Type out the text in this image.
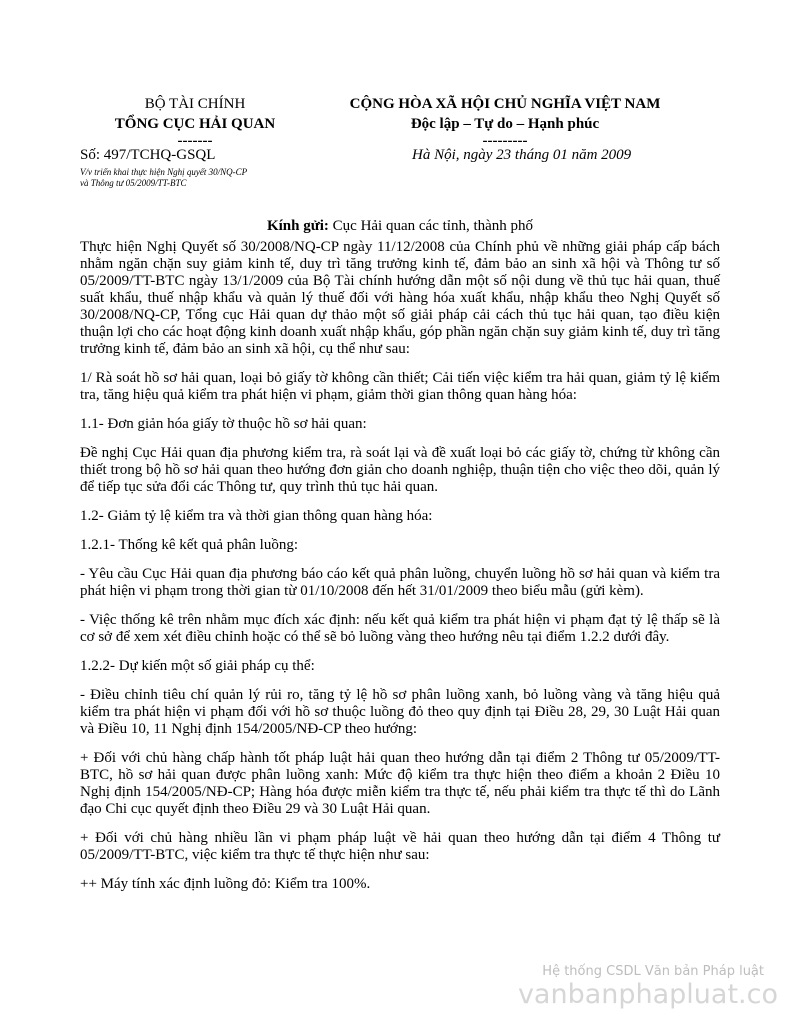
BỘ TÀI CHÍNH
TỔNG CỤC HẢI QUAN
-------
CỘNG HÒA XÃ HỘI CHỦ NGHĨA VIỆT NAM
Độc lập – Tự do – Hạnh phúc
---------
Số: 497/TCHQ-GSQL
V/v triển khai thực hiện Nghị quyết 30/NQ-CP
và Thông tư 05/2009/TT-BTC
Hà Nội, ngày 23 tháng 01 năm 2009
Kính gửi: Cục Hải quan các tỉnh, thành phố

Thực hiện Nghị Quyết số 30/2008/NQ-CP ngày 11/12/2008 của Chính phủ về những giải pháp cấp bách nhằm ngăn chặn suy giảm kinh tế, duy trì tăng trưởng kinh tế, đảm bảo an sinh xã hội và Thông tư số 05/2009/TT-BTC ngày 13/1/2009 của Bộ Tài chính hướng dẫn một số nội dung về thủ tục hải quan, thuế suất khẩu, thuế nhập khẩu và quản lý thuế đối với hàng hóa xuất khẩu, nhập khẩu theo Nghị Quyết số 30/2008/NQ-CP, Tổng cục Hải quan dự thảo một số giải pháp cải cách thủ tục hải quan, tạo điều kiện thuận lợi cho các hoạt động kinh doanh xuất nhập khẩu, góp phần ngăn chặn suy giảm kinh tế, duy trì tăng trưởng kinh tế, đảm bảo an sinh xã hội, cụ thể như sau:

1/ Rà soát hồ sơ hải quan, loại bỏ giấy tờ không cần thiết; Cải tiến việc kiểm tra hải quan, giảm tỷ lệ kiểm tra, tăng hiệu quả kiểm tra phát hiện vi phạm, giảm thời gian thông quan hàng hóa:

1.1- Đơn giản hóa giấy tờ thuộc hồ sơ hải quan:

Đề nghị Cục Hải quan địa phương kiểm tra, rà soát lại và đề xuất loại bỏ các giấy tờ, chứng từ không cần thiết trong bộ hồ sơ hải quan theo hướng đơn giản cho doanh nghiệp, thuận tiện cho việc theo dõi, quản lý để tiếp tục sửa đổi các Thông tư, quy trình thủ tục hải quan.

1.2- Giảm tỷ lệ kiểm tra và thời gian thông quan hàng hóa:

1.2.1- Thống kê kết quả phân luồng:

- Yêu cầu Cục Hải quan địa phương báo cáo kết quả phân luồng, chuyển luồng hồ sơ hải quan và kiểm tra phát hiện vi phạm trong thời gian từ 01/10/2008 đến hết 31/01/2009 theo biểu mẫu (gửi kèm).

- Việc thống kê trên nhằm mục đích xác định: nếu kết quả kiểm tra phát hiện vi phạm đạt tỷ lệ thấp sẽ là cơ sở để xem xét điều chỉnh hoặc có thể sẽ bỏ luồng vàng theo hướng nêu tại điểm 1.2.2 dưới đây.

1.2.2- Dự kiến một số giải pháp cụ thể:

- Điều chỉnh tiêu chí quản lý rủi ro, tăng tỷ lệ hồ sơ phân luồng xanh, bỏ luồng vàng và tăng hiệu quả kiểm tra phát hiện vi phạm đối với hồ sơ thuộc luồng đỏ theo quy định tại Điều 28, 29, 30 Luật Hải quan và Điều 10, 11 Nghị định 154/2005/NĐ-CP theo hướng:

+ Đối với chủ hàng chấp hành tốt pháp luật hải quan theo hướng dẫn tại điểm 2 Thông tư 05/2009/TT-BTC, hồ sơ hải quan được phân luồng xanh: Mức độ kiểm tra thực hiện theo điểm a khoản 2 Điều 10 Nghị định 154/2005/NĐ-CP; Hàng hóa được miễn kiểm tra thực tế, nếu phải kiểm tra thực tế thì do Lãnh đạo Chi cục quyết định theo Điều 29 và 30 Luật Hải quan.

+ Đối với chủ hàng nhiều lần vi phạm pháp luật về hải quan theo hướng dẫn tại điểm 4 Thông tư 05/2009/TT-BTC, việc kiểm tra thực tế thực hiện như sau:

++ Máy tính xác định luồng đỏ: Kiểm tra 100%.

Hệ thống CSDL Văn bản Pháp luật
vanbanphapluat.co
